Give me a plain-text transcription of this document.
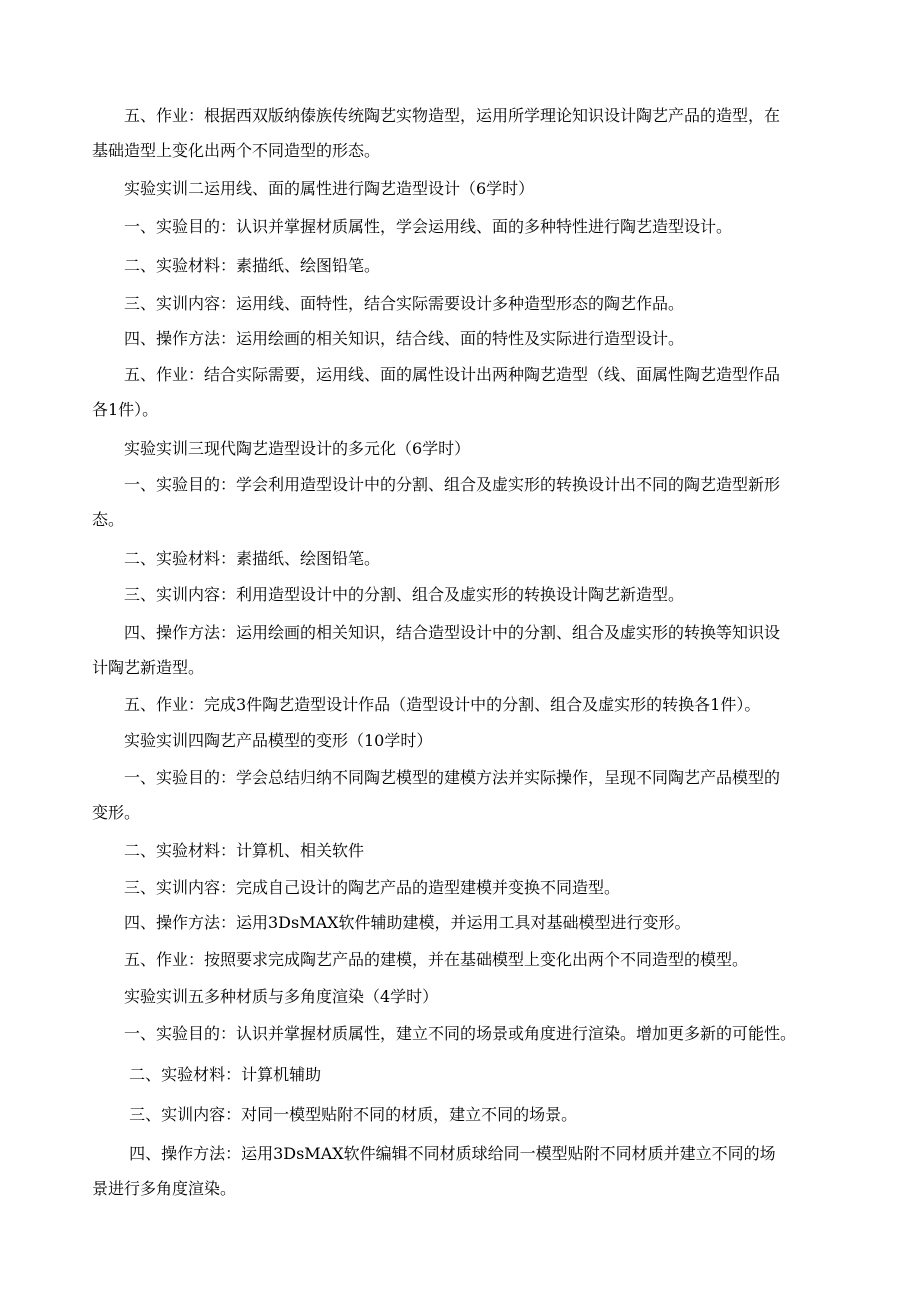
　　五、作业：根据西双版纳傣族传统陶艺实物造型，运用所学理论知识设计陶艺产品的造型，在
基础造型上变化出两个不同造型的形态。

　　实验实训二运用线、面的属性进行陶艺造型设计（6学时）

　　一、实验目的：认识并掌握材质属性，学会运用线、面的多种特性进行陶艺造型设计。

　　二、实验材料：素描纸、绘图铅笔。

　　三、实训内容：运用线、面特性，结合实际需要设计多种造型形态的陶艺作品。

　　四、操作方法：运用绘画的相关知识，结合线、面的特性及实际进行造型设计。

　　五、作业：结合实际需要，运用线、面的属性设计出两种陶艺造型（线、面属性陶艺造型作品
各1件）。

　　实验实训三现代陶艺造型设计的多元化（6学时）

　　一、实验目的：学会利用造型设计中的分割、组合及虚实形的转换设计出不同的陶艺造型新形
态。

　　二、实验材料：素描纸、绘图铅笔。

　　三、实训内容：利用造型设计中的分割、组合及虚实形的转换设计陶艺新造型。

　　四、操作方法：运用绘画的相关知识，结合造型设计中的分割、组合及虚实形的转换等知识设
计陶艺新造型。

　　五、作业：完成3件陶艺造型设计作品（造型设计中的分割、组合及虚实形的转换各1件）。

　　实验实训四陶艺产品模型的变形（10学时）

　　一、实验目的：学会总结归纳不同陶艺模型的建模方法并实际操作，呈现不同陶艺产品模型的
变形。

　　二、实验材料：计算机、相关软件

　　三、实训内容：完成自己设计的陶艺产品的造型建模并变换不同造型。

　　四、操作方法：运用3DsMAX软件辅助建模，并运用工具对基础模型进行变形。

　　五、作业：按照要求完成陶艺产品的建模，并在基础模型上变化出两个不同造型的模型。

　　实验实训五多种材质与多角度渲染（4学时）

　　一、实验目的：认识并掌握材质属性，建立不同的场景或角度进行渲染。增加更多新的可能性。

　　 二、实验材料：计算机辅助

　　 三、实训内容：对同一模型贴附不同的材质，建立不同的场景。

　　 四、操作方法：运用3DsMAX软件编辑不同材质球给同一模型贴附不同材质并建立不同的场
景进行多角度渲染。
